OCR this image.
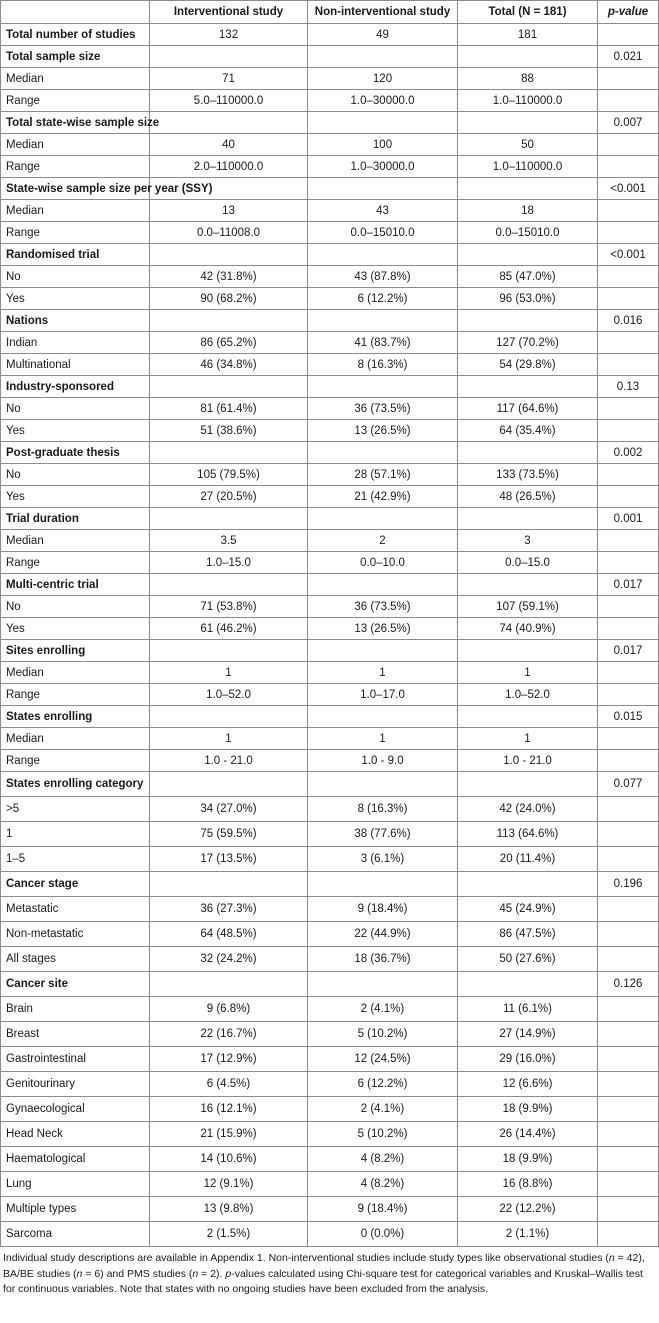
	Interventional study	Non-interventional study	Total (N = 181)	p-value
Total number of studies	132	49	181	
Total sample size				0.021
Median	71	120	88	
Range	5.0–110000.0	1.0–30000.0	1.0–110000.0	
Total state-wise sample size				0.007
Median	40	100	50	
Range	2.0–110000.0	1.0–30000.0	1.0–110000.0	
State-wise sample size per year (SSY)				<0.001
Median	13	43	18	
Range	0.0–11008.0	0.0–15010.0	0.0–15010.0	
Randomised trial				<0.001
No	42 (31.8%)	43 (87.8%)	85 (47.0%)	
Yes	90 (68.2%)	6 (12.2%)	96 (53.0%)	
Nations				0.016
Indian	86 (65.2%)	41 (83.7%)	127 (70.2%)	
Multinational	46 (34.8%)	8 (16.3%)	54 (29.8%)	
Industry-sponsored				0.13
No	81 (61.4%)	36 (73.5%)	117 (64.6%)	
Yes	51 (38.6%)	13 (26.5%)	64 (35.4%)	
Post-graduate thesis				0.002
No	105 (79.5%)	28 (57.1%)	133 (73.5%)	
Yes	27 (20.5%)	21 (42.9%)	48 (26.5%)	
Trial duration				0.001
Median	3.5	2	3	
Range	1.0–15.0	0.0–10.0	0.0–15.0	
Multi-centric trial				0.017
No	71 (53.8%)	36 (73.5%)	107 (59.1%)	
Yes	61 (46.2%)	13 (26.5%)	74 (40.9%)	
Sites enrolling				0.017
Median	1	1	1	
Range	1.0–52.0	1.0–17.0	1.0–52.0	
States enrolling				0.015
Median	1	1	1	
Range	1.0 - 21.0	1.0 - 9.0	1.0 - 21.0	
States enrolling category				0.077
>5	34 (27.0%)	8 (16.3%)	42 (24.0%)	
1	75 (59.5%)	38 (77.6%)	113 (64.6%)	
1–5	17 (13.5%)	3 (6.1%)	20 (11.4%)	
Cancer stage				0.196
Metastatic	36 (27.3%)	9 (18.4%)	45 (24.9%)	
Non-metastatic	64 (48.5%)	22 (44.9%)	86 (47.5%)	
All stages	32 (24.2%)	18 (36.7%)	50 (27.6%)	
Cancer site				0.126
Brain	9 (6.8%)	2 (4.1%)	11 (6.1%)	
Breast	22 (16.7%)	5 (10.2%)	27 (14.9%)	
Gastrointestinal	17 (12.9%)	12 (24.5%)	29 (16.0%)	
Genitourinary	6 (4.5%)	6 (12.2%)	12 (6.6%)	
Gynaecological	16 (12.1%)	2 (4.1%)	18 (9.9%)	
Head Neck	21 (15.9%)	5 (10.2%)	26 (14.4%)	
Haematological	14 (10.6%)	4 (8.2%)	18 (9.9%)	
Lung	12 (9.1%)	4 (8.2%)	16 (8.8%)	
Multiple types	13 (9.8%)	9 (18.4%)	22 (12.2%)	
Sarcoma	2 (1.5%)	0 (0.0%)	2 (1.1%)	
Individual study descriptions are available in Appendix 1. Non-interventional studies include study types like observational studies (n = 42), BA/BE studies (n = 6) and PMS studies (n = 2). p-values calculated using Chi-square test for categorical variables and Kruskal–Wallis test for continuous variables. Note that states with no ongoing studies have been excluded from the analysis.
